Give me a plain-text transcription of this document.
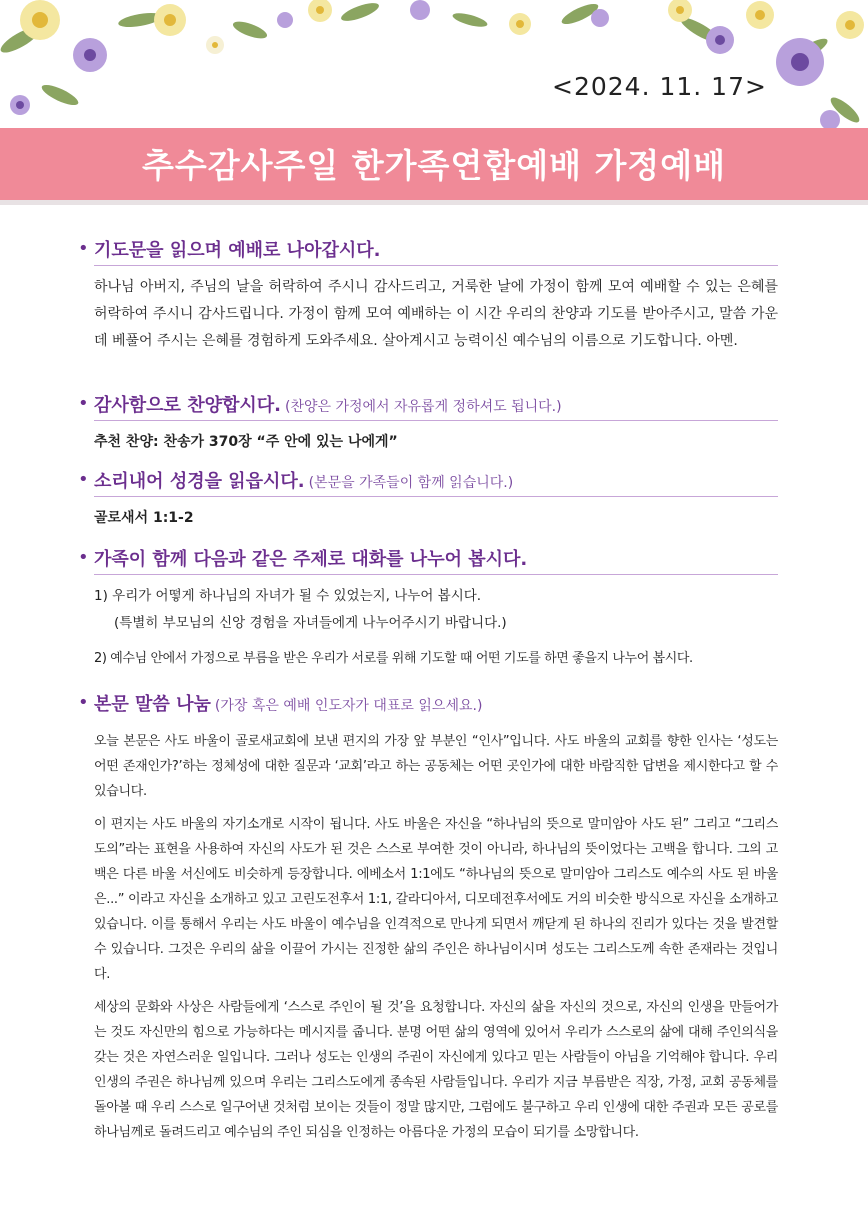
<2024. 11. 17>
추수감사주일 한가족연합예배 가정예배
• 기도문을 읽으며 예배로 나아갑시다.

하나님 아버지, 주님의 날을 허락하여 주시니 감사드리고, 거룩한 날에 가정이 함께 모여 예배할 수 있는 은혜를 허락하여 주시니 감사드립니다. 가정이 함께 모여 예배하는 이 시간 우리의 찬양과 기도를 받아주시고, 말씀 가운데 베풀어 주시는 은혜를 경험하게 도와주세요. 살아계시고 능력이신 예수님의 이름으로 기도합니다. 아멘.

• 감사함으로 찬양합시다. (찬양은 가정에서 자유롭게 정하셔도 됩니다.)

추천 찬양: 찬송가 370장 “주 안에 있는 나에게”

• 소리내어 성경을 읽읍시다. (본문을 가족들이 함께 읽습니다.)

골로새서 1:1-2

• 가족이 함께 다음과 같은 주제로 대화를 나누어 봅시다.

1) 우리가 어떻게 하나님의 자녀가 될 수 있었는지, 나누어 봅시다.

(특별히 부모님의 신앙 경험을 자녀들에게 나누어주시기 바랍니다.)

2) 예수님 안에서 가정으로 부름을 받은 우리가 서로를 위해 기도할 때 어떤 기도를 하면 좋을지 나누어 봅시다.

• 본문 말씀 나눔 (가장 혹은 예배 인도자가 대표로 읽으세요.)

오늘 본문은 사도 바울이 골로새교회에 보낸 편지의 가장 앞 부분인 “인사”입니다. 사도 바울의 교회를 향한 인사는 ‘성도는 어떤 존재인가?’하는 정체성에 대한 질문과 ‘교회’라고 하는 공동체는 어떤 곳인가에 대한 바람직한 답변을 제시한다고 할 수 있습니다.

이 편지는 사도 바울의 자기소개로 시작이 됩니다. 사도 바울은 자신을 “하나님의 뜻으로 말미암아 사도 된” 그리고 “그리스도의”라는 표현을 사용하여 자신의 사도가 된 것은 스스로 부여한 것이 아니라, 하나님의 뜻이었다는 고백을 합니다. 그의 고백은 다른 바울 서신에도 비슷하게 등장합니다. 에베소서 1:1에도 “하나님의 뜻으로 말미암아 그리스도 예수의 사도 된 바울은...” 이라고 자신을 소개하고 있고 고린도전후서 1:1, 갈라디아서, 디모데전후서에도 거의 비슷한 방식으로 자신을 소개하고 있습니다. 이를 통해서 우리는 사도 바울이 예수님을 인격적으로 만나게 되면서 깨닫게 된 하나의 진리가 있다는 것을 발견할 수 있습니다. 그것은 우리의 삶을 이끌어 가시는 진정한 삶의 주인은 하나님이시며 성도는 그리스도께 속한 존재라는 것입니다.

세상의 문화와 사상은 사람들에게 ‘스스로 주인이 될 것’을 요청합니다. 자신의 삶을 자신의 것으로, 자신의 인생을 만들어가는 것도 자신만의 힘으로 가능하다는 메시지를 줍니다. 분명 어떤 삶의 영역에 있어서 우리가 스스로의 삶에 대해 주인의식을 갖는 것은 자연스러운 일입니다. 그러나 성도는 인생의 주권이 자신에게 있다고 믿는 사람들이 아님을 기억해야 합니다. 우리 인생의 주권은 하나님께 있으며 우리는 그리스도에게 종속된 사람들입니다. 우리가 지금 부름받은 직장, 가정, 교회 공동체를 돌아볼 때 우리 스스로 일구어낸 것처럼 보이는 것들이 정말 많지만, 그럼에도 불구하고 우리 인생에 대한 주권과 모든 공로를 하나님께로 돌려드리고 예수님의 주인 되심을 인정하는 아름다운 가정의 모습이 되기를 소망합니다.
